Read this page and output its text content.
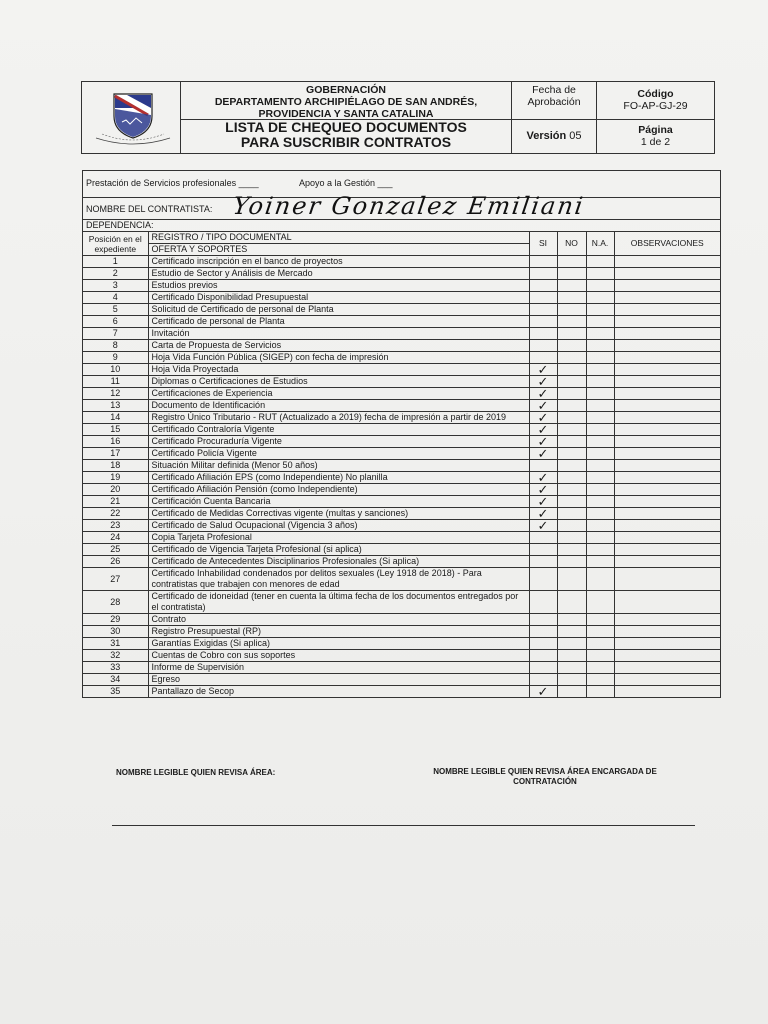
GOBERNACIÓN
DEPARTAMENTO ARCHIPIÉLAGO DE SAN ANDRÉS,
PROVIDENCIA Y SANTA CATALINA
LISTA DE CHEQUEO DOCUMENTOS
PARA SUSCRIBIR CONTRATOS
Fecha de
Aprobación
Versión 05
Código
FO-AP-GJ-29
Página
1 de 2
Prestación de Servicios profesionales ____	Apoyo a la Gestión ___
NOMBRE DEL CONTRATISTA: Yoiner Gonzalez Emiliani
DEPENDENCIA:
Posición en el expediente	REGISTRO / TIPO DOCUMENTAL
OFERTA Y SOPORTES	SI	NO	N.A.	OBSERVACIONES
1	Certificado inscripción en el banco de proyectos				
2	Estudio de Sector y Análisis de Mercado				
3	Estudios previos				
4	Certificado Disponibilidad Presupuestal				
5	Solicitud de Certificado de personal de Planta				
6	Certificado de personal de Planta				
7	Invitación				
8	Carta de Propuesta de Servicios				
9	Hoja Vida Función Pública (SIGEP) con fecha de impresión				
10	Hoja Vida Proyectada	✓			
11	Diplomas o Certificaciones de Estudios	✓			
12	Certificaciones de Experiencia	✓			
13	Documento de Identificación	✓			
14	Registro Único Tributario - RUT (Actualizado a 2019) fecha de impresión a partir de 2019	✓			
15	Certificado Contraloría Vigente	✓			
16	Certificado Procuraduría Vigente	✓			
17	Certificado Policía Vigente	✓			
18	Situación Militar definida (Menor 50 años)				
19	Certificado Afiliación EPS (como Independiente) No planilla	✓			
20	Certificado Afiliación Pensión (como Independiente)	✓			
21	Certificación Cuenta Bancaria	✓			
22	Certificado de Medidas Correctivas vigente (multas y sanciones)	✓			
23	Certificado de Salud Ocupacional (Vigencia 3 años)	✓			
24	Copia Tarjeta Profesional				
25	Certificado de Vigencia Tarjeta Profesional (si aplica)				
26	Certificado de Antecedentes Disciplinarios Profesionales (Si aplica)				
27	Certificado Inhabilidad condenados por delitos sexuales (Ley 1918 de 2018) - Para contratistas que trabajen con menores de edad				
28	Certificado de idoneidad (tener en cuenta la última fecha de los documentos entregados por el contratista)				
29	Contrato				
30	Registro Presupuestal (RP)				
31	Garantías Exigidas (Si aplica)				
32	Cuentas de Cobro con sus soportes				
33	Informe de Supervisión				
34	Egreso				
35	Pantallazo de Secop	✓			
NOMBRE LEGIBLE QUIEN REVISA ÁREA:	NOMBRE LEGIBLE QUIEN REVISA ÁREA ENCARGADA DE CONTRATACIÓN
